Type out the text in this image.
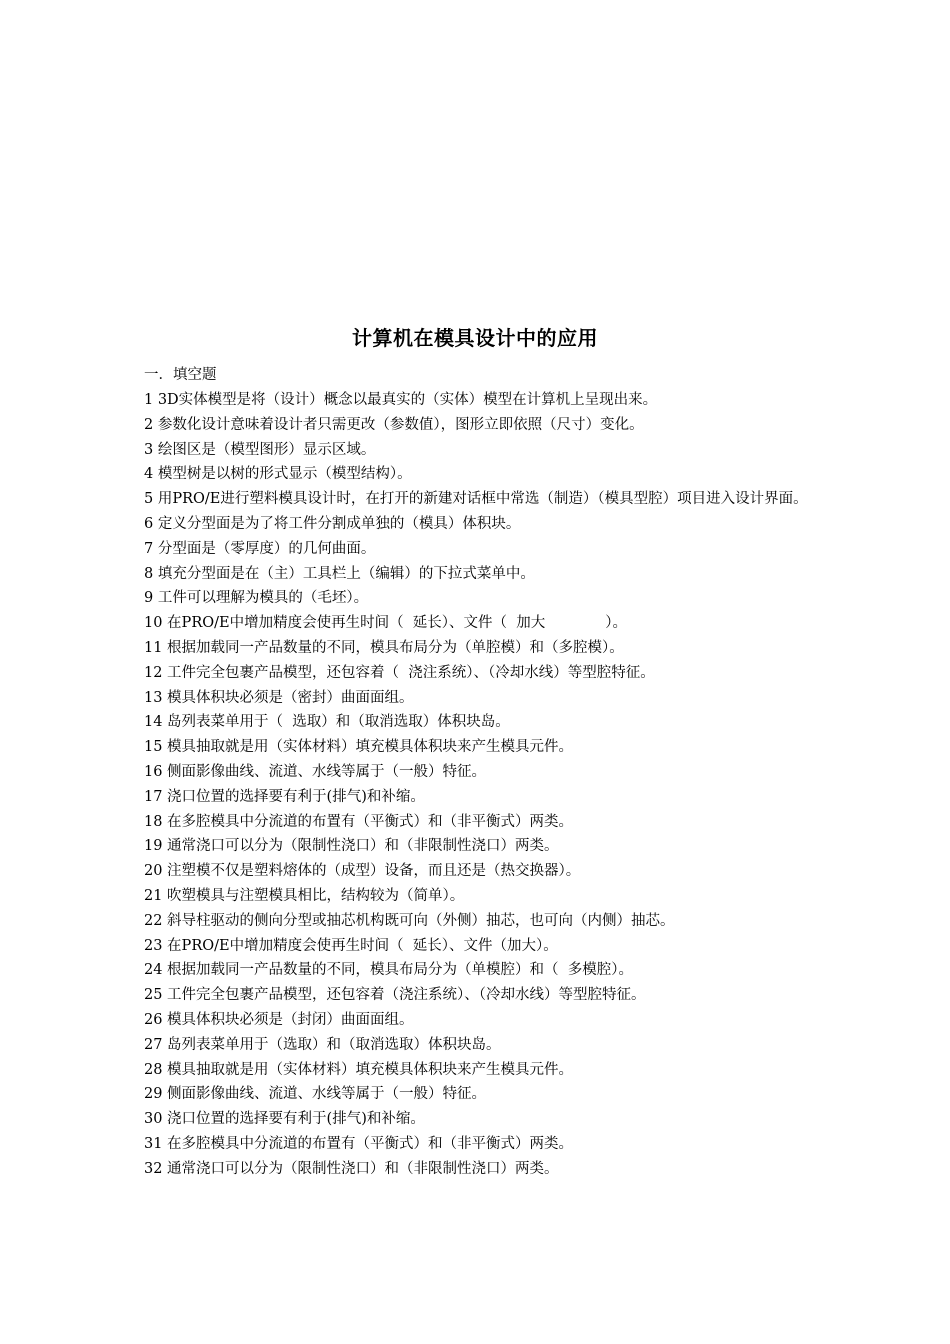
计算机在模具设计中的应用
一．填空题
1 3D实体模型是将（设计）概念以最真实的（实体）模型在计算机上呈现出来。
2 参数化设计意味着设计者只需更改（参数值），图形立即依照（尺寸）变化。
3 绘图区是（模型图形）显示区域。
4 模型树是以树的形式显示（模型结构）。
5 用PRO/E进行塑料模具设计时，在打开的新建对话框中常选（制造）（模具型腔）项目进入设计界面。
6 定义分型面是为了将工件分割成单独的（模具）体积块。
7 分型面是（零厚度）的几何曲面。
8 填充分型面是在（主）工具栏上（编辑）的下拉式菜单中。
9 工件可以理解为模具的（毛坯）。
10 在PRO/E中增加精度会使再生时间（  延长）、文件（  加大             ）。
11 根据加载同一产品数量的不同，模具布局分为（单腔模）和（多腔模）。
12 工件完全包裹产品模型，还包容着（  浇注系统）、（冷却水线）等型腔特征。
13 模具体积块必须是（密封）曲面面组。
14 岛列表菜单用于（  选取）和（取消选取）体积块岛。
15 模具抽取就是用（实体材料）填充模具体积块来产生模具元件。
16 侧面影像曲线、流道、水线等属于（一般）特征。
17 浇口位置的选择要有利于(排气)和补缩。
18 在多腔模具中分流道的布置有（平衡式）和（非平衡式）两类。
19 通常浇口可以分为（限制性浇口）和（非限制性浇口）两类。
20 注塑模不仅是塑料熔体的（成型）设备，而且还是（热交换器）。
21 吹塑模具与注塑模具相比，结构较为（简单）。
22 斜导柱驱动的侧向分型或抽芯机构既可向（外侧）抽芯，也可向（内侧）抽芯。
23 在PRO/E中增加精度会使再生时间（  延长）、文件（加大）。
24 根据加载同一产品数量的不同，模具布局分为（单模腔）和（  多模腔）。
25 工件完全包裹产品模型，还包容着（浇注系统）、（冷却水线）等型腔特征。
26 模具体积块必须是（封闭）曲面面组。
27 岛列表菜单用于（选取）和（取消选取）体积块岛。
28 模具抽取就是用（实体材料）填充模具体积块来产生模具元件。
29 侧面影像曲线、流道、水线等属于（一般）特征。
30 浇口位置的选择要有利于(排气)和补缩。
31 在多腔模具中分流道的布置有（平衡式）和（非平衡式）两类。
32 通常浇口可以分为（限制性浇口）和（非限制性浇口）两类。
